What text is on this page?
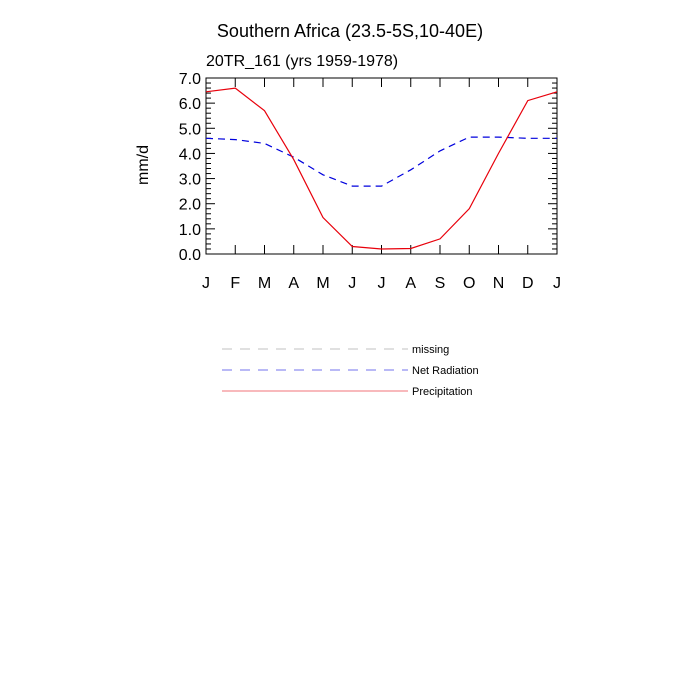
Southern Africa (23.5-5S,10-40E)
20TR_161 (yrs 1959-1978)
mm/d
0.0
1.0
2.0
3.0
4.0
5.0
6.0
7.0
J F M A M J J A S O N D J
missing
Net Radiation
Precipitation
